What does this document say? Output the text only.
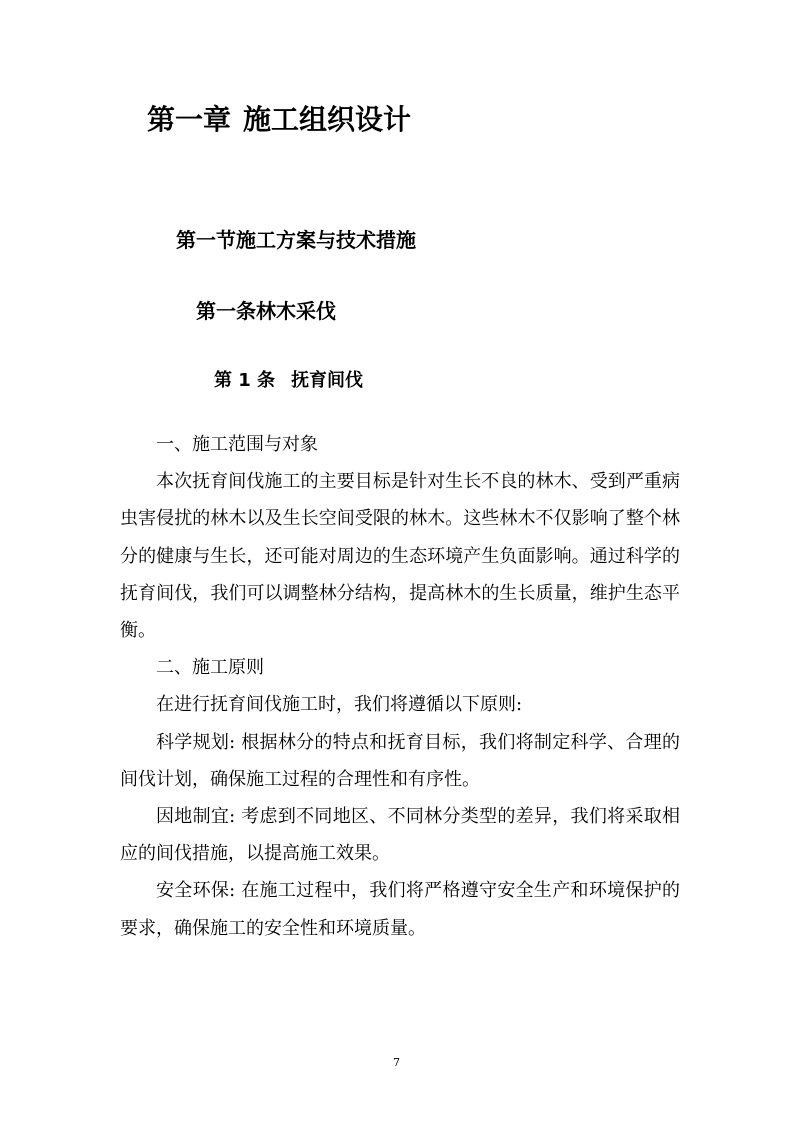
第一章 施工组织设计
第一节施工方案与技术措施
第一条林木采伐
第 1 条 抚育间伐

一、施工范围与对象

本次抚育间伐施工的主要目标是针对生长不良的林木、受到严重病虫害侵扰的林木以及生长空间受限的林木。这些林木不仅影响了整个林分的健康与生长，还可能对周边的生态环境产生负面影响。通过科学的抚育间伐，我们可以调整林分结构，提高林木的生长质量，维护生态平衡。

二、施工原则

在进行抚育间伐施工时，我们将遵循以下原则:

科学规划: 根据林分的特点和抚育目标，我们将制定科学、合理的间伐计划，确保施工过程的合理性和有序性。

因地制宜: 考虑到不同地区、不同林分类型的差异，我们将采取相应的间伐措施，以提高施工效果。

安全环保: 在施工过程中，我们将严格遵守安全生产和环境保护的要求，确保施工的安全性和环境质量。

7
